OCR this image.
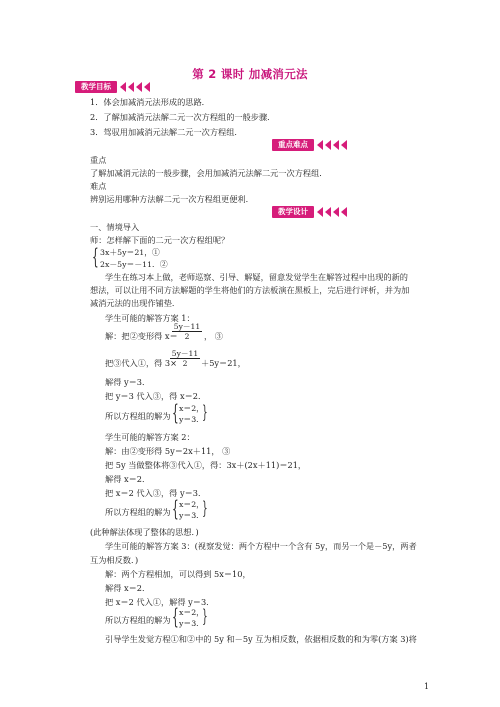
第 2 课时 加减消元法
教学目标
1．体会加减消元法形成的思路．
2．了解加减消元法解二元一次方程组的一般步骤．
3．驾驭用加减消元法解二元一次方程组．
重点难点
重点
了解加减消元法的一般步骤，会用加减消元法解二元一次方程组．
难点
辨别运用哪种方法解二元一次方程组更便利．
教学设计
一、情境导入
师：怎样解下面的二元一次方程组呢？
{ 3x＋5y＝21，①
2x－5y＝－11．②
学生在练习本上做，老师巡察、引导、解疑，留意发觉学生在解答过程中出现的新的
想法，可以让用不同方法解题的学生将他们的方法板演在黑板上，完后进行评析，并为加
减消元法的出现作铺垫．
学生可能的解答方案 1：
解：把②变形得 x＝
5y－11
2	， ③
把③代入①，得 3×
5y－11
2	＋5y＝21，
解得 y＝3．
把 y＝3 代入③，得 x＝2．
所以方程组的解为 { x＝2，
y＝3．
}
学生可能的解答方案 2：
解：由②变形得 5y＝2x＋11， ③
把 5y 当做整体将③代入①，得：3x＋(2x＋11)＝21，
解得 x＝2．
把 x＝2 代入③，得 y＝3．
所以方程组的解为 { x＝2，
y＝3．
}
(此种解法体现了整体的思想．)
学生可能的解答方案 3：(视察发觉：两个方程中一个含有 5y，而另一个是－5y，两者
互为相反数．)
解：两个方程相加，可以得到 5x＝10，
解得 x＝2．
把 x＝2 代入①，解得 y＝3．
所以方程组的解为 { x＝2，
y＝3．
}
引导学生发觉方程①和②中的 5y 和－5y 互为相反数，依据相反数的和为零(方案 3)将
1
